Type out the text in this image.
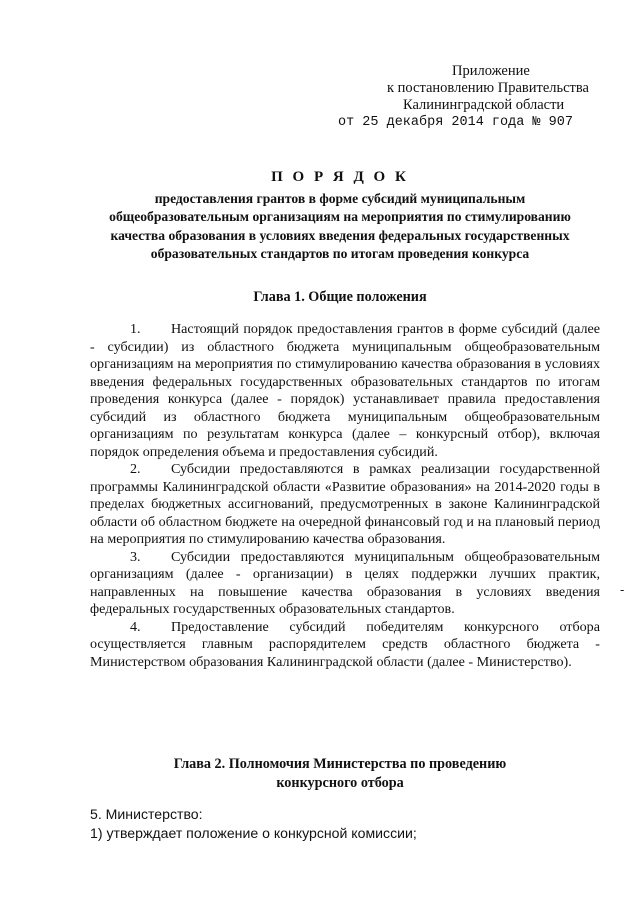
Приложение
к постановлению Правительства
Калининградской области
от 25 декабря 2014 года № 907
П О Р Я Д О К
предоставления грантов в форме субсидий муниципальным общеобразовательным организациям на мероприятия по стимулированию качества образования в условиях введения федеральных государственных образовательных стандартов по итогам проведения конкурса
Глава 1. Общие положения

1. Настоящий порядок предоставления грантов в форме субсидий (далее - субсидии) из областного бюджета муниципальным общеобразовательным организациям на мероприятия по стимулированию качества образования в условиях введения федеральных государственных образовательных стандартов по итогам проведения конкурса (далее - порядок) устанавливает правила предоставления субсидий из областного бюджета муниципальным общеобразовательным организациям по результатам конкурса (далее – конкурсный отбор), включая порядок определения объема и предоставления субсидий.

2. Субсидии предоставляются в рамках реализации государственной программы Калининградской области «Развитие образования» на 2014-2020 годы в пределах бюджетных ассигнований, предусмотренных в законе Калининградской области об областном бюджете на очередной финансовый год и на плановый период на мероприятия по стимулированию качества образования.

3. Субсидии предоставляются муниципальным общеобразовательным организациям (далее - организации) в целях поддержки лучших практик, направленных на повышение качества образования в условиях введения федеральных государственных образовательных стандартов.

4. Предоставление субсидий победителям конкурсного отбора осуществляется главным распорядителем средств областного бюджета - Министерством образования Калининградской области (далее - Министерство).

Глава 2. Полномочия Министерства по проведению
конкурсного отбора

5. Министерство:

1) утверждает положение о конкурсной комиссии;

-
